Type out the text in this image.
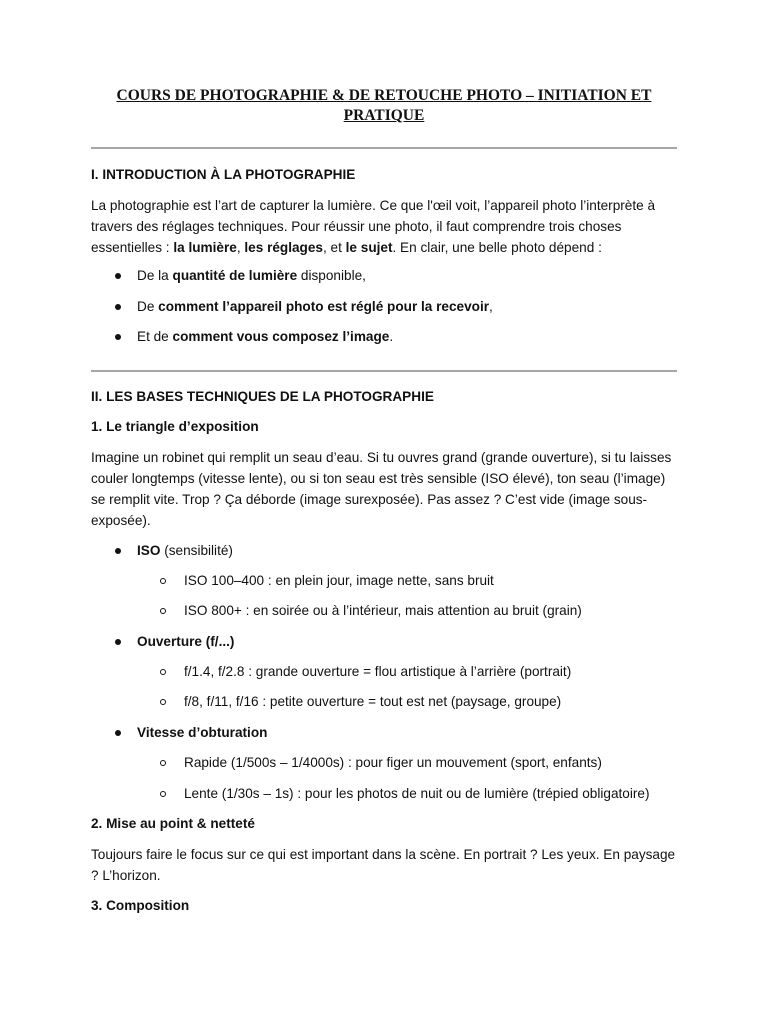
COURS DE PHOTOGRAPHIE & DE RETOUCHE PHOTO – INITIATION ET PRATIQUE
I. INTRODUCTION À LA PHOTOGRAPHIE
La photographie est l’art de capturer la lumière. Ce que l'œil voit, l’appareil photo l’interprète à travers des réglages techniques. Pour réussir une photo, il faut comprendre trois choses essentielles : la lumière, les réglages, et le sujet. En clair, une belle photo dépend :
De la quantité de lumière disponible,
De comment l’appareil photo est réglé pour la recevoir,
Et de comment vous composez l’image.
II. LES BASES TECHNIQUES DE LA PHOTOGRAPHIE
1. Le triangle d’exposition
Imagine un robinet qui remplit un seau d’eau. Si tu ouvres grand (grande ouverture), si tu laisses couler longtemps (vitesse lente), ou si ton seau est très sensible (ISO élevé), ton seau (l’image) se remplit vite. Trop ? Ça déborde (image surexposée). Pas assez ? C’est vide (image sous-exposée).
ISO (sensibilité)
ISO 100–400 : en plein jour, image nette, sans bruit
ISO 800+ : en soirée ou à l’intérieur, mais attention au bruit (grain)
Ouverture (f/...)
f/1.4, f/2.8 : grande ouverture = flou artistique à l’arrière (portrait)
f/8, f/11, f/16 : petite ouverture = tout est net (paysage, groupe)
Vitesse d’obturation
Rapide (1/500s – 1/4000s) : pour figer un mouvement (sport, enfants)
Lente (1/30s – 1s) : pour les photos de nuit ou de lumière (trépied obligatoire)
2. Mise au point & netteté
Toujours faire le focus sur ce qui est important dans la scène. En portrait ? Les yeux. En paysage ? L’horizon.
3. Composition
